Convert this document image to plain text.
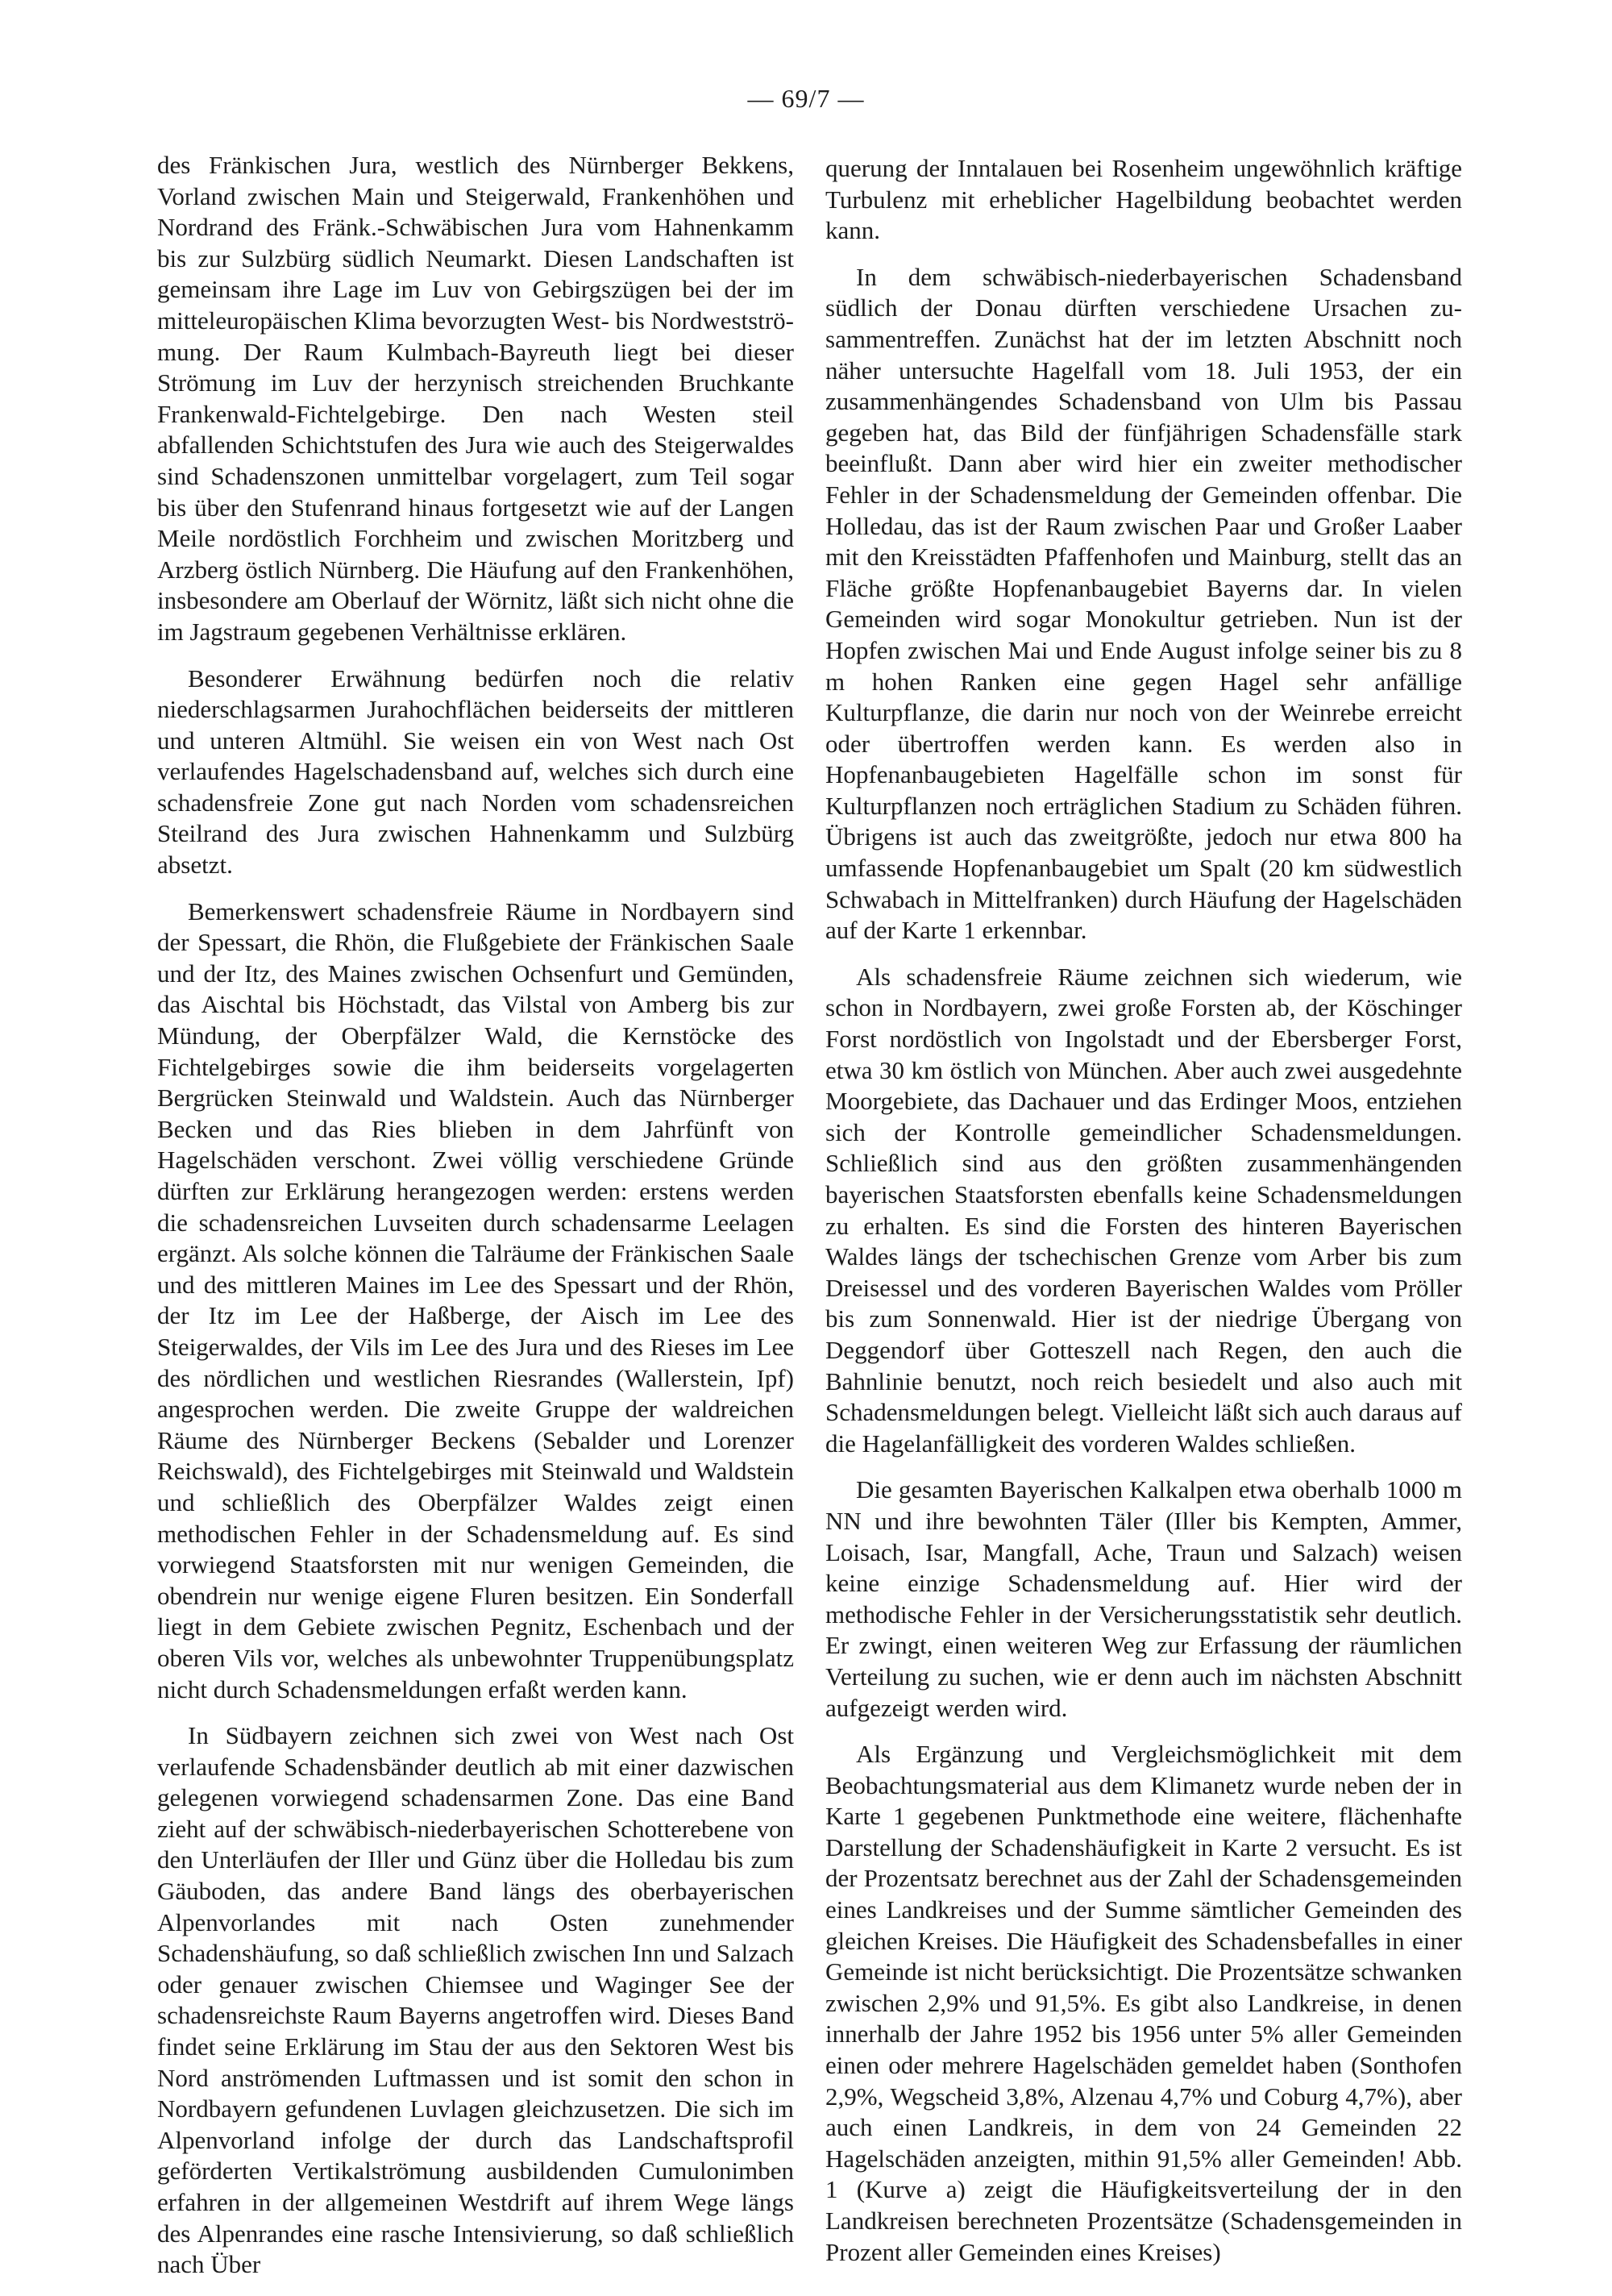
— 69/7 —

des Fränkischen Jura, westlich des Nürnberger Bekkens, Vorland zwischen Main und Steigerwald, Frankenhöhen und Nordrand des Fränk.-Schwäbischen Jura vom Hahnenkamm bis zur Sulzbürg südlich Neumarkt. Diesen Landschaften ist gemeinsam ihre Lage im Luv von Gebirgszügen bei der im mitteleuropäischen Klima bevorzugten West- bis Nordwestströmung. Der Raum Kulmbach-Bayreuth liegt bei dieser Strömung im Luv der herzynisch streichenden Bruchkante Frankenwald-Fichtelgebirge. Den nach Westen steil abfallenden Schichtstufen des Jura wie auch des Steigerwaldes sind Schadenszonen unmittelbar vorgelagert, zum Teil sogar bis über den Stufenrand hinaus fortgesetzt wie auf der Langen Meile nordöstlich Forchheim und zwischen Moritzberg und Arzberg östlich Nürnberg. Die Häufung auf den Frankenhöhen, insbesondere am Oberlauf der Wörnitz, läßt sich nicht ohne die im Jagstraum gegebenen Verhältnisse erklären.

Besonderer Erwähnung bedürfen noch die relativ niederschlagsarmen Jurahochflächen beiderseits der mittleren und unteren Altmühl. Sie weisen ein von West nach Ost verlaufendes Hagelschadensband auf, welches sich durch eine schadensfreie Zone gut nach Norden vom schadensreichen Steilrand des Jura zwischen Hahnenkamm und Sulzbürg absetzt.

Bemerkenswert schadensfreie Räume in Nordbayern sind der Spessart, die Rhön, die Flußgebiete der Fränkischen Saale und der Itz, des Maines zwischen Ochsenfurt und Gemünden, das Aischtal bis Höchstadt, das Vilstal von Amberg bis zur Mündung, der Oberpfälzer Wald, die Kernstöcke des Fichtelgebirges sowie die ihm beiderseits vorgelagerten Bergrücken Steinwald und Waldstein. Auch das Nürnberger Becken und das Ries blieben in dem Jahrfünft von Hagelschäden verschont. Zwei völlig verschiedene Gründe dürften zur Erklärung herangezogen werden: erstens werden die schadensreichen Luvseiten durch schadensarme Leelagen ergänzt. Als solche können die Talräume der Fränkischen Saale und des mittleren Maines im Lee des Spessart und der Rhön, der Itz im Lee der Haßberge, der Aisch im Lee des Steigerwaldes, der Vils im Lee des Jura und des Rieses im Lee des nördlichen und westlichen Riesrandes (Wallerstein, Ipf) angesprochen werden. Die zweite Gruppe der waldreichen Räume des Nürnberger Beckens (Sebalder und Lorenzer Reichswald), des Fichtelgebirges mit Steinwald und Waldstein und schließlich des Oberpfälzer Waldes zeigt einen methodischen Fehler in der Schadensmeldung auf. Es sind vorwiegend Staatsforsten mit nur wenigen Gemeinden, die obendrein nur wenige eigene Fluren besitzen. Ein Sonderfall liegt in dem Gebiete zwischen Pegnitz, Eschenbach und der oberen Vils vor, welches als unbewohnter Truppenübungsplatz nicht durch Schadensmeldungen erfaßt werden kann.

In Südbayern zeichnen sich zwei von West nach Ost verlaufende Schadensbänder deutlich ab mit einer dazwischen gelegenen vorwiegend schadensarmen Zone. Das eine Band zieht auf der schwäbisch-niederbayerischen Schotterebene von den Unterläufen der Iller und Günz über die Holledau bis zum Gäuboden, das andere Band längs des oberbayerischen Alpenvorlandes mit nach Osten zunehmender Schadenshäufung, so daß schließlich zwischen Inn und Salzach oder genauer zwischen Chiemsee und Waginger See der schadensreichste Raum Bayerns angetroffen wird. Dieses Band findet seine Erklärung im Stau der aus den Sektoren West bis Nord anströmenden Luftmassen und ist somit den schon in Nordbayern gefundenen Luvlagen gleichzusetzen. Die sich im Alpenvorland infolge der durch das Landschaftsprofil geförderten Vertikalströmung ausbildenden Cumulonimben erfahren in der allgemeinen Westdrift auf ihrem Wege längs des Alpenrandes eine rasche Intensivierung, so daß schließlich nach Über

querung der Inntalauen bei Rosenheim ungewöhnlich kräftige Turbulenz mit erheblicher Hagelbildung beobachtet werden kann.

In dem schwäbisch-niederbayerischen Schadensband südlich der Donau dürften verschiedene Ursachen zusammentreffen. Zunächst hat der im letzten Abschnitt noch näher untersuchte Hagelfall vom 18. Juli 1953, der ein zusammenhängendes Schadensband von Ulm bis Passau gegeben hat, das Bild der fünfjährigen Schadensfälle stark beeinflußt. Dann aber wird hier ein zweiter methodischer Fehler in der Schadensmeldung der Gemeinden offenbar. Die Holledau, das ist der Raum zwischen Paar und Großer Laaber mit den Kreisstädten Pfaffenhofen und Mainburg, stellt das an Fläche größte Hopfenanbaugebiet Bayerns dar. In vielen Gemeinden wird sogar Monokultur getrieben. Nun ist der Hopfen zwischen Mai und Ende August infolge seiner bis zu 8 m hohen Ranken eine gegen Hagel sehr anfällige Kulturpflanze, die darin nur noch von der Weinrebe erreicht oder übertroffen werden kann. Es werden also in Hopfenanbaugebieten Hagelfälle schon im sonst für Kulturpflanzen noch erträglichen Stadium zu Schäden führen. Übrigens ist auch das zweitgrößte, jedoch nur etwa 800 ha umfassende Hopfenanbaugebiet um Spalt (20 km südwestlich Schwabach in Mittelfranken) durch Häufung der Hagelschäden auf der Karte 1 erkennbar.

Als schadensfreie Räume zeichnen sich wiederum, wie schon in Nordbayern, zwei große Forsten ab, der Köschinger Forst nordöstlich von Ingolstadt und der Ebersberger Forst, etwa 30 km östlich von München. Aber auch zwei ausgedehnte Moorgebiete, das Dachauer und das Erdinger Moos, entziehen sich der Kontrolle gemeindlicher Schadensmeldungen. Schließlich sind aus den größten zusammenhängenden bayerischen Staatsforsten ebenfalls keine Schadensmeldungen zu erhalten. Es sind die Forsten des hinteren Bayerischen Waldes längs der tschechischen Grenze vom Arber bis zum Dreisessel und des vorderen Bayerischen Waldes vom Pröller bis zum Sonnenwald. Hier ist der niedrige Übergang von Deggendorf über Gotteszell nach Regen, den auch die Bahnlinie benutzt, noch reich besiedelt und also auch mit Schadensmeldungen belegt. Vielleicht läßt sich auch daraus auf die Hagelanfälligkeit des vorderen Waldes schließen.

Die gesamten Bayerischen Kalkalpen etwa oberhalb 1000 m NN und ihre bewohnten Täler (Iller bis Kempten, Ammer, Loisach, Isar, Mangfall, Ache, Traun und Salzach) weisen keine einzige Schadensmeldung auf. Hier wird der methodische Fehler in der Versicherungsstatistik sehr deutlich. Er zwingt, einen weiteren Weg zur Erfassung der räumlichen Verteilung zu suchen, wie er denn auch im nächsten Abschnitt aufgezeigt werden wird.

Als Ergänzung und Vergleichsmöglichkeit mit dem Beobachtungsmaterial aus dem Klimanetz wurde neben der in Karte 1 gegebenen Punktmethode eine weitere, flächenhafte Darstellung der Schadenshäufigkeit in Karte 2 versucht. Es ist der Prozentsatz berechnet aus der Zahl der Schadensgemeinden eines Landkreises und der Summe sämtlicher Gemeinden des gleichen Kreises. Die Häufigkeit des Schadensbefalles in einer Gemeinde ist nicht berücksichtigt. Die Prozentsätze schwanken zwischen 2,9% und 91,5%. Es gibt also Landkreise, in denen innerhalb der Jahre 1952 bis 1956 unter 5% aller Gemeinden einen oder mehrere Hagelschäden gemeldet haben (Sonthofen 2,9%, Wegscheid 3,8%, Alzenau 4,7% und Coburg 4,7%), aber auch einen Landkreis, in dem von 24 Gemeinden 22 Hagelschäden anzeigten, mithin 91,5% aller Gemeinden! Abb. 1 (Kurve a) zeigt die Häufigkeitsverteilung der in den Landkreisen berechneten Prozentsätze (Schadensgemeinden in Prozent aller Gemeinden eines Kreises)
